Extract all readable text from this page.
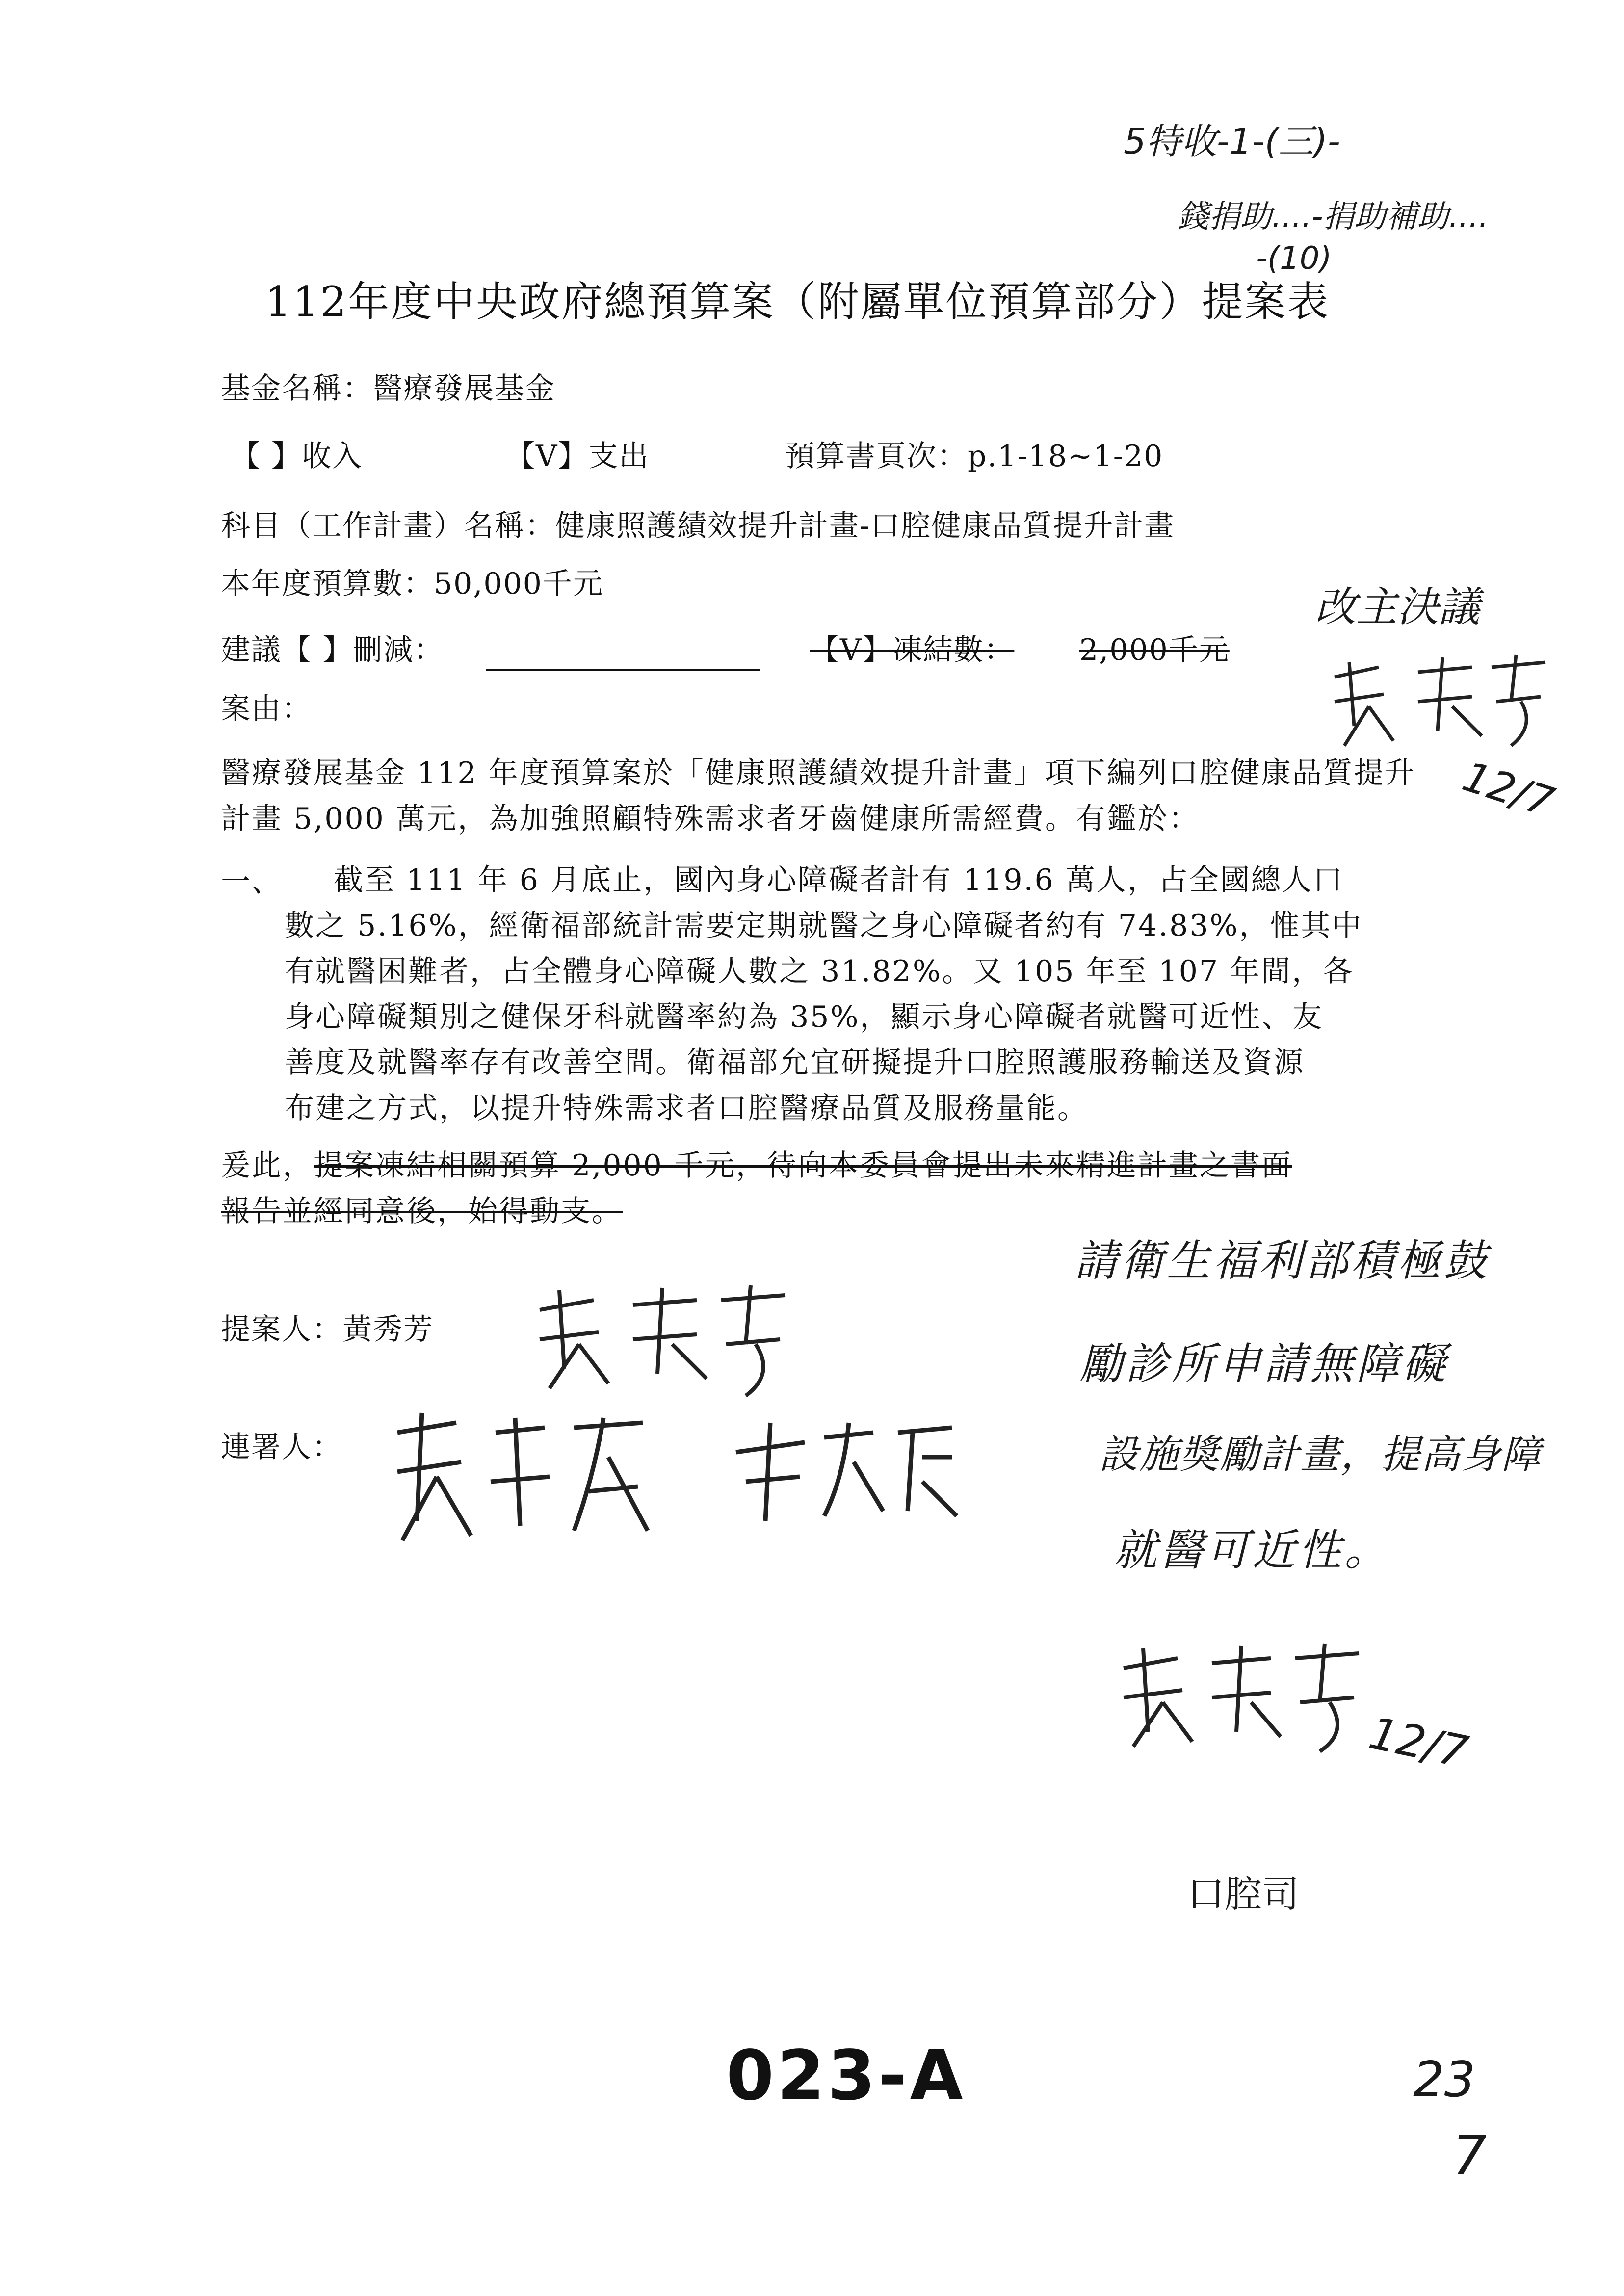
5特收-1-(三)-
錢捐助....-捐助補助....
-(10)
112年度中央政府總預算案（附屬單位預算部分）提案表
基金名稱：醫療發展基金
【 】收入	【V】支出	預算書頁次：p.1-18~1-20
科目（工作計畫）名稱：健康照護績效提升計畫-口腔健康品質提升計畫
本年度預算數：50,000千元
建議【 】刪減：	【V】凍結數： 2,000千元
改主決議
12/7
案由：
醫療發展基金 112 年度預算案於「健康照護績效提升計畫」項下編列口腔健康品質提升計畫 5,000 萬元，為加強照顧特殊需求者牙齒健康所需經費。有鑑於：
一、 截至 111 年 6 月底止，國內身心障礙者計有 119.6 萬人，占全國總人口
數之 5.16%，經衛福部統計需要定期就醫之身心障礙者約有 74.83%，惟其中
有就醫困難者，占全體身心障礙人數之 31.82%。又 105 年至 107 年間，各
身心障礙類別之健保牙科就醫率約為 35%，顯示身心障礙者就醫可近性、友
善度及就醫率存有改善空間。衛福部允宜研擬提升口腔照護服務輸送及資源
布建之方式，以提升特殊需求者口腔醫療品質及服務量能。
爰此，提案凍結相關預算 2,000 千元，待向本委員會提出未來精進計畫之書面
報告並經同意後，始得動支。
請衛生福利部積極鼓
勵診所申請無障礙
設施獎勵計畫，提高身障
就醫可近性。
提案人：黃秀芳
連署人：
12/7
口腔司
023-A	23
7
